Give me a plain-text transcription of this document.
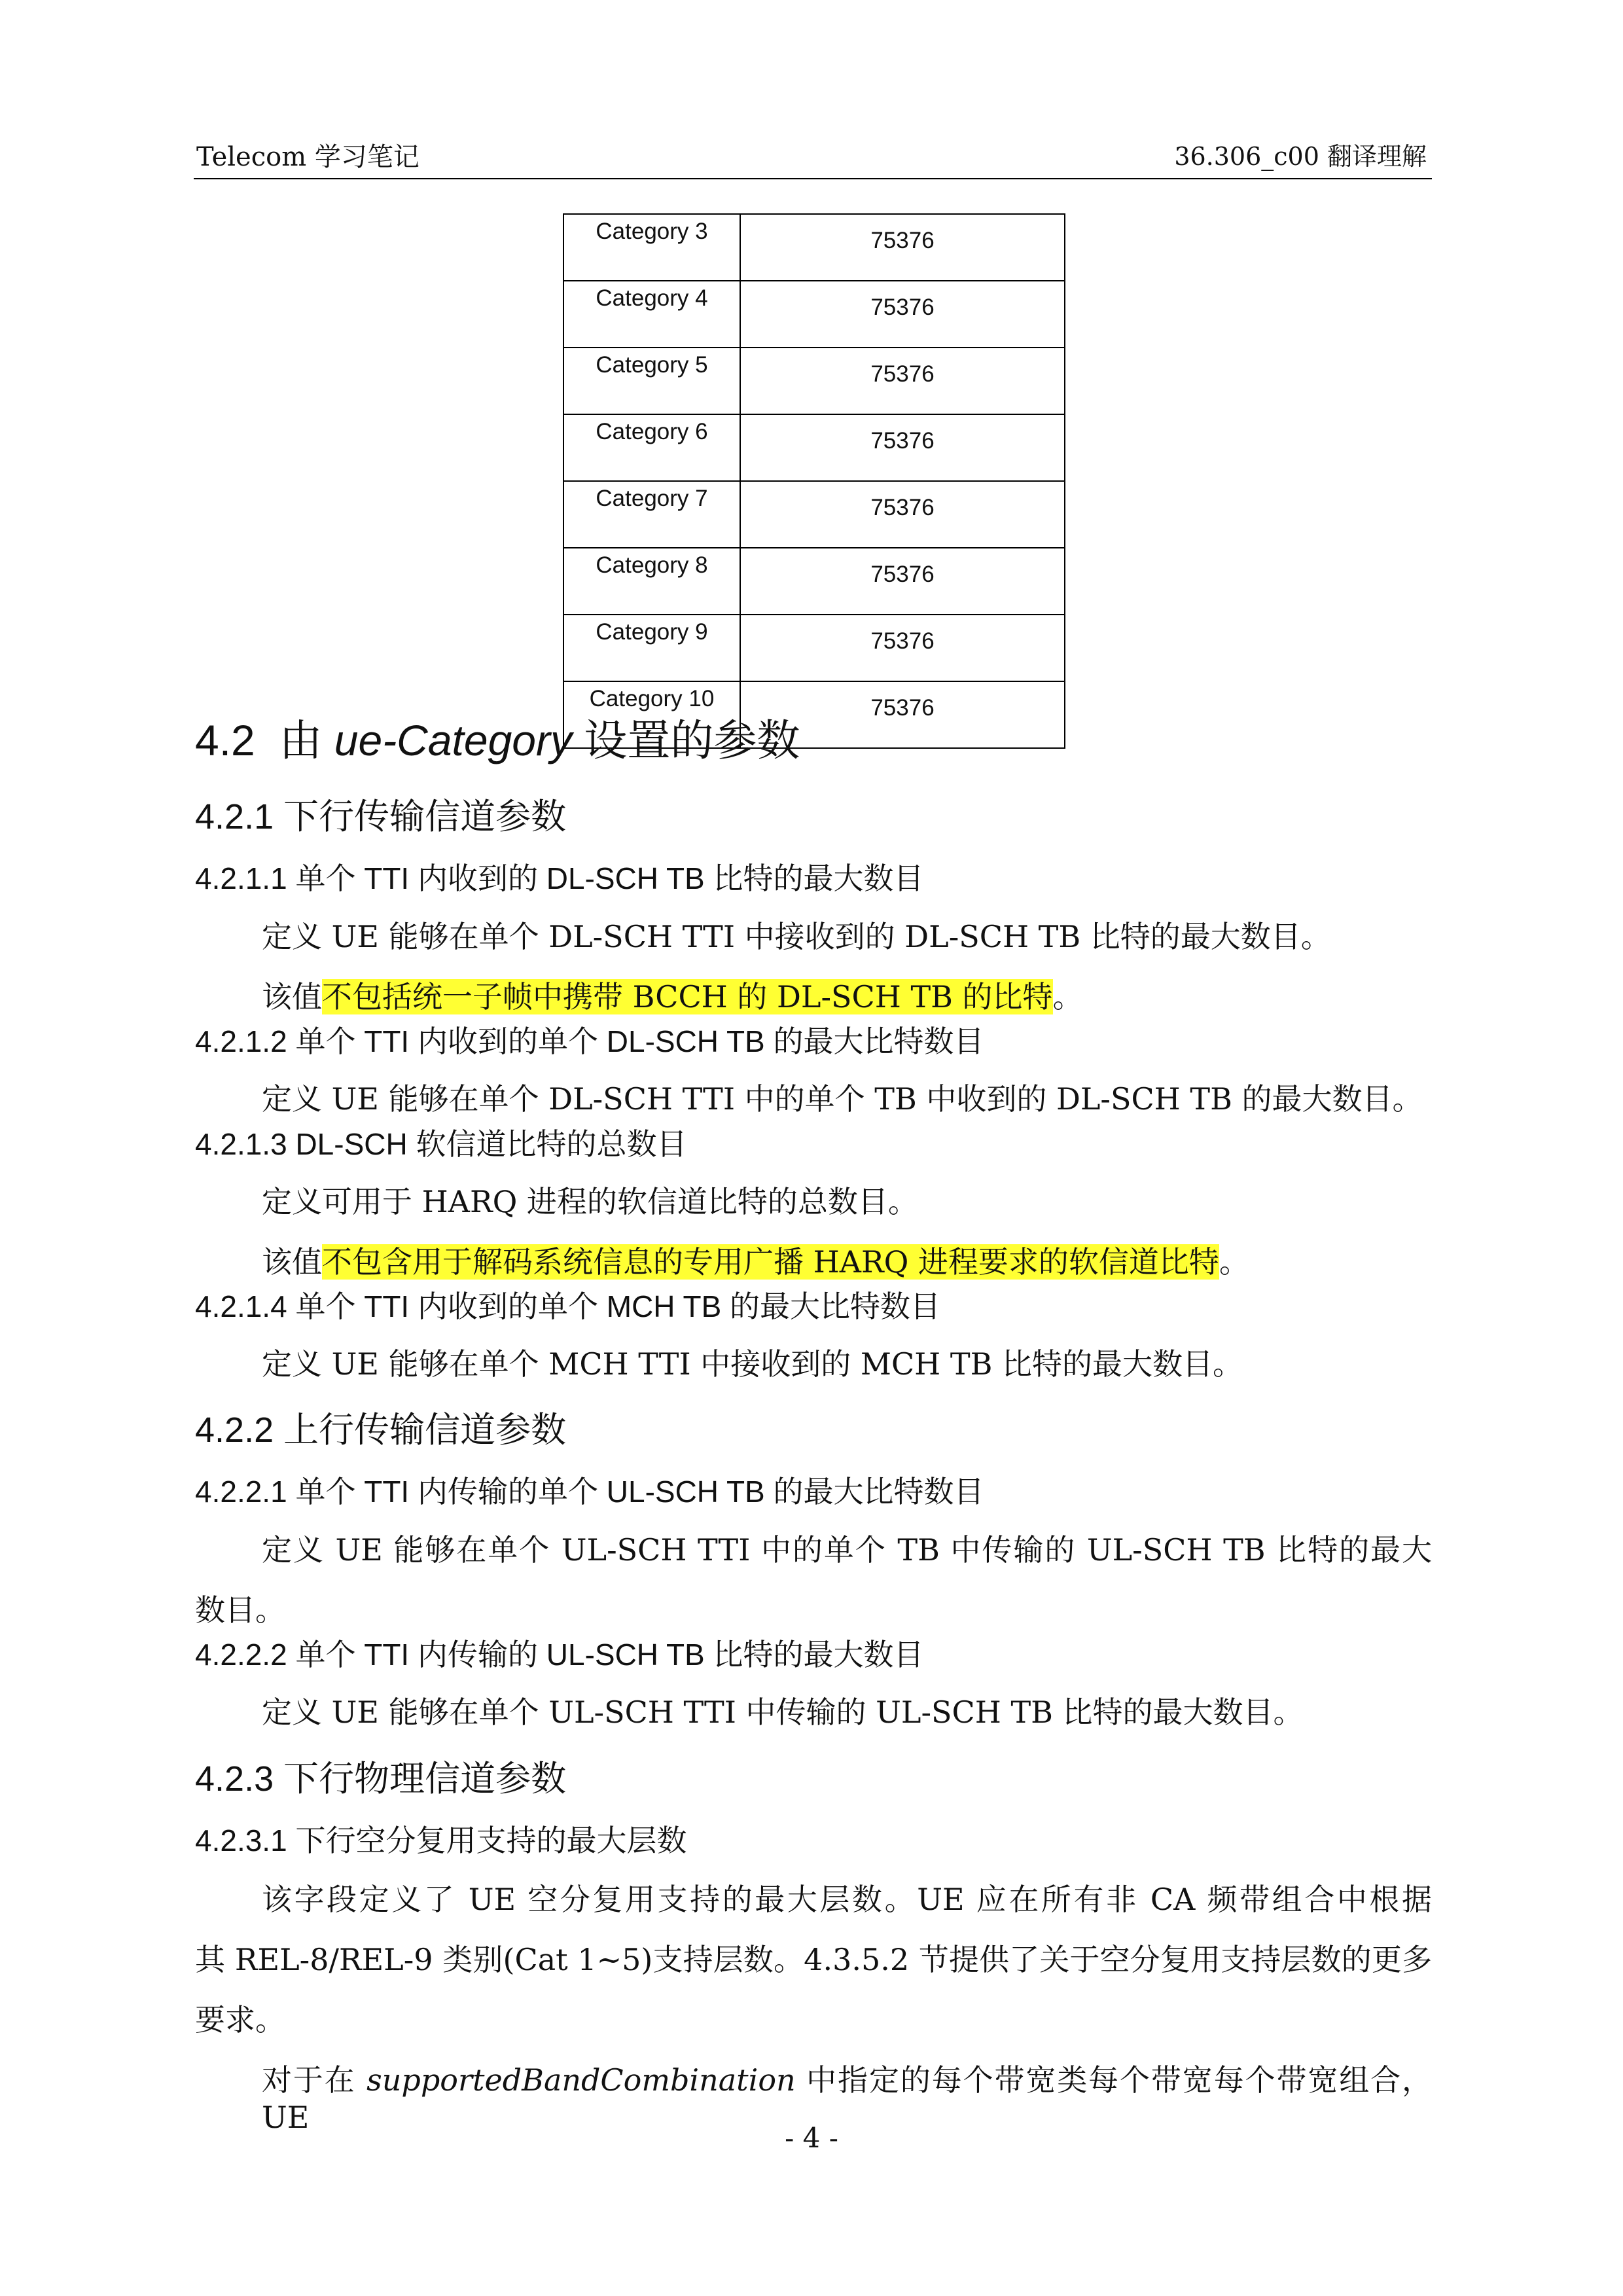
Telecom 学习笔记	36.306_c00 翻译理解
Category 3	75376
Category 4	75376
Category 5	75376
Category 6	75376
Category 7	75376
Category 8	75376
Category 9	75376
Category 10	75376
4.2 由 ue-Category 设置的参数
4.2.1 下行传输信道参数
4.2.1.1 单个 TTI 内收到的 DL-SCH TB 比特的最大数目
定义 UE 能够在单个 DL-SCH TTI 中接收到的 DL-SCH TB 比特的最大数目。
该值不包括统一子帧中携带 BCCH 的 DL-SCH TB 的比特。
4.2.1.2 单个 TTI 内收到的单个 DL-SCH TB 的最大比特数目
定义 UE 能够在单个 DL-SCH TTI 中的单个 TB 中收到的 DL-SCH TB 的最大数目。
4.2.1.3 DL-SCH 软信道比特的总数目
定义可用于 HARQ 进程的软信道比特的总数目。
该值不包含用于解码系统信息的专用广播 HARQ 进程要求的软信道比特。
4.2.1.4 单个 TTI 内收到的单个 MCH TB 的最大比特数目
定义 UE 能够在单个 MCH TTI 中接收到的 MCH TB 比特的最大数目。
4.2.2 上行传输信道参数
4.2.2.1 单个 TTI 内传输的单个 UL-SCH TB 的最大比特数目
定义 UE 能够在单个 UL-SCH TTI 中的单个 TB 中传输的 UL-SCH TB 比特的最大
数目。
4.2.2.2 单个 TTI 内传输的 UL-SCH TB 比特的最大数目
定义 UE 能够在单个 UL-SCH TTI 中传输的 UL-SCH TB 比特的最大数目。
4.2.3 下行物理信道参数
4.2.3.1 下行空分复用支持的最大层数
该字段定义了 UE 空分复用支持的最大层数。UE 应在所有非 CA 频带组合中根据
其 REL-8/REL-9 类别(Cat 1~5)支持层数。4.3.5.2 节提供了关于空分复用支持层数的更多
要求。
对于在 supportedBandCombination 中指定的每个带宽类每个带宽每个带宽组合，UE
- 4 -
